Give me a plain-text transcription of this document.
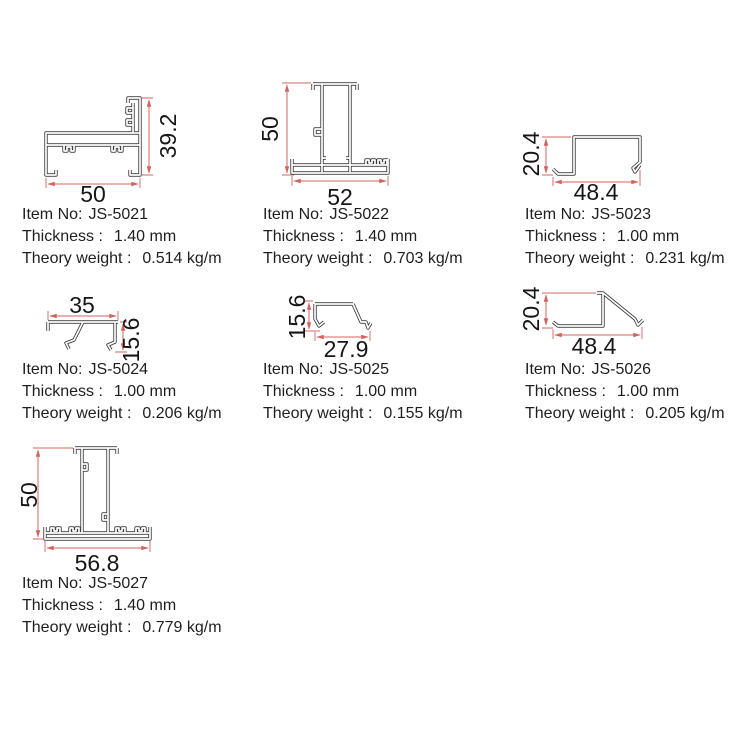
39.2
50
Item No: JS-5021
Thickness : 1.40 mm
Theory weight : 0.514 kg/m
50
52
Item No: JS-5022
Thickness : 1.40 mm
Theory weight : 0.703 kg/m
20.4
48.4
Item No: JS-5023
Thickness : 1.00 mm
Theory weight : 0.231 kg/m
35
15.6
Item No: JS-5024
Thickness : 1.00 mm
Theory weight : 0.206 kg/m
15.6
27.9
Item No: JS-5025
Thickness : 1.00 mm
Theory weight : 0.155 kg/m
20.4
48.4
Item No: JS-5026
Thickness : 1.00 mm
Theory weight : 0.205 kg/m
50
56.8
Item No: JS-5027
Thickness : 1.40 mm
Theory weight : 0.779 kg/m
